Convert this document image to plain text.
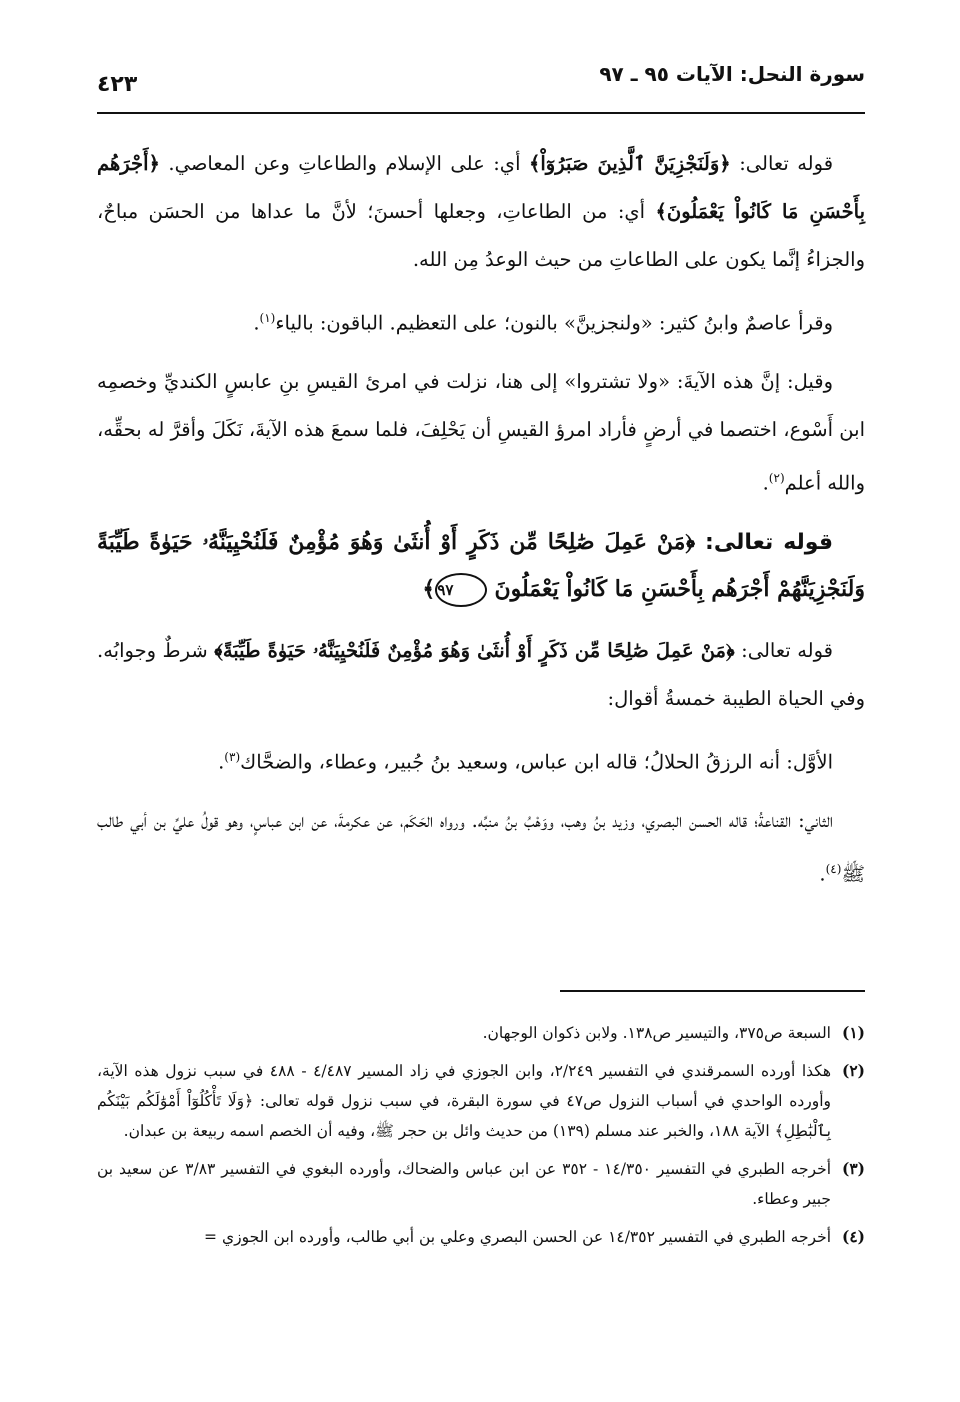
سورة النحل: الآيات ٩٥ ـ ٩٧
٤٢٣

قوله تعالى: ﴿وَلَنَجْزِيَنَّ ٱلَّذِينَ صَبَرُوٓاْ﴾ أي: على الإسلام والطاعاتِ وعن المعاصي. ﴿أَجْرَهُم بِأَحْسَنِ مَا كَانُواْ يَعْمَلُونَ﴾ أي: من الطاعاتِ، وجعلها أحسنَ؛ لأنَّ ما عداها من الحسَن مباحٌ، والجزاءُ إنَّما يكون على الطاعاتِ من حيث الوعدُ مِن الله.

وقرأ عاصمٌ وابنُ كثير: «ولنجزينَّ» بالنون؛ على التعظيم. الباقون: بالياء$^{(١)}$.

وقيل: إنَّ هذه الآيةَ: «ولا تشتروا» إلى هنا، نزلت في امرئ القيسِ بنِ عابسٍ الكنديِّ وخصمِه ابن أَسْوع، اختصما في أرضٍ فأراد امرؤ القيسِ أن يَحْلِفَ، فلما سمعَ هذه الآيةَ، نَكَلَ وأقرَّ له بحقِّه، والله أعلم$^{(٢)}$.

قوله تعالى: ﴿مَنْ عَمِلَ صَٰلِحًا مِّن ذَكَرٍ أَوْ أُنثَىٰ وَهُوَ مُؤْمِنٌ فَلَنُحْيِيَنَّهُۥ حَيَوٰةً طَيِّبَةً وَلَنَجْزِيَنَّهُمْ أَجْرَهُم بِأَحْسَنِ مَا كَانُواْ يَعْمَلُونَ ٩٧﴾

قوله تعالى: ﴿مَنْ عَمِلَ صَٰلِحًا مِّن ذَكَرٍ أَوْ أُنثَىٰ وَهُوَ مُؤْمِنٌ فَلَنُحْيِيَنَّهُۥ حَيَوٰةً طَيِّبَةً﴾ شرطٌ وجوابُه. وفي الحياة الطيبة خمسةُ أقوال:

الأوَّل: أنه الرزقُ الحلالُ؛ قاله ابن عباس، وسعيد بنُ جُبير، وعطاء، والضحَّاك$^{(٣)}$.

الثاني: القناعةُ؛ قاله الحسن البصري، وزيد بنُ وهب، ووَهْبُ بنُ منبِّه. ورواه الحَكَم، عن عكرمةَ، عن ابن عباسٍ، وهو قولُ عليِّ بن أبي طالب ﷺ$^{(٤)}$.

(١)
السبعة ص٣٧٥، والتيسير ص١٣٨. ولابن ذكوان الوجهان.
(٢)
هكذا أورده السمرقندي في التفسير ٢/٢٤٩، وابن الجوزي في زاد المسير ٤/٤٨٧ - ٤٨٨ في سبب نزول هذه الآية، وأورده الواحدي في أسباب النزول ص٤٧ في سورة البقرة، في سبب نزول قوله تعالى: ﴿وَلَا تَأْكُلُوٓاْ أَمْوَٰلَكُم بَيْنَكُم بِٱلْبَٰطِلِ﴾ الآية ١٨٨، والخبر عند مسلم (١٣٩) من حديث وائل بن حجر ﷺ، وفيه أن الخصم اسمه ربيعة بن عبدان.
(٣)
أخرجه الطبري في التفسير ١٤/٣٥٠ - ٣٥٢ عن ابن عباس والضحاك، وأورده البغوي في التفسير ٣/٨٣ عن سعيد بن جبير وعطاء.
(٤)
أخرجه الطبري في التفسير ١٤/٣٥٢ عن الحسن البصري وعلي بن أبي طالب، وأورده ابن الجوزي =
